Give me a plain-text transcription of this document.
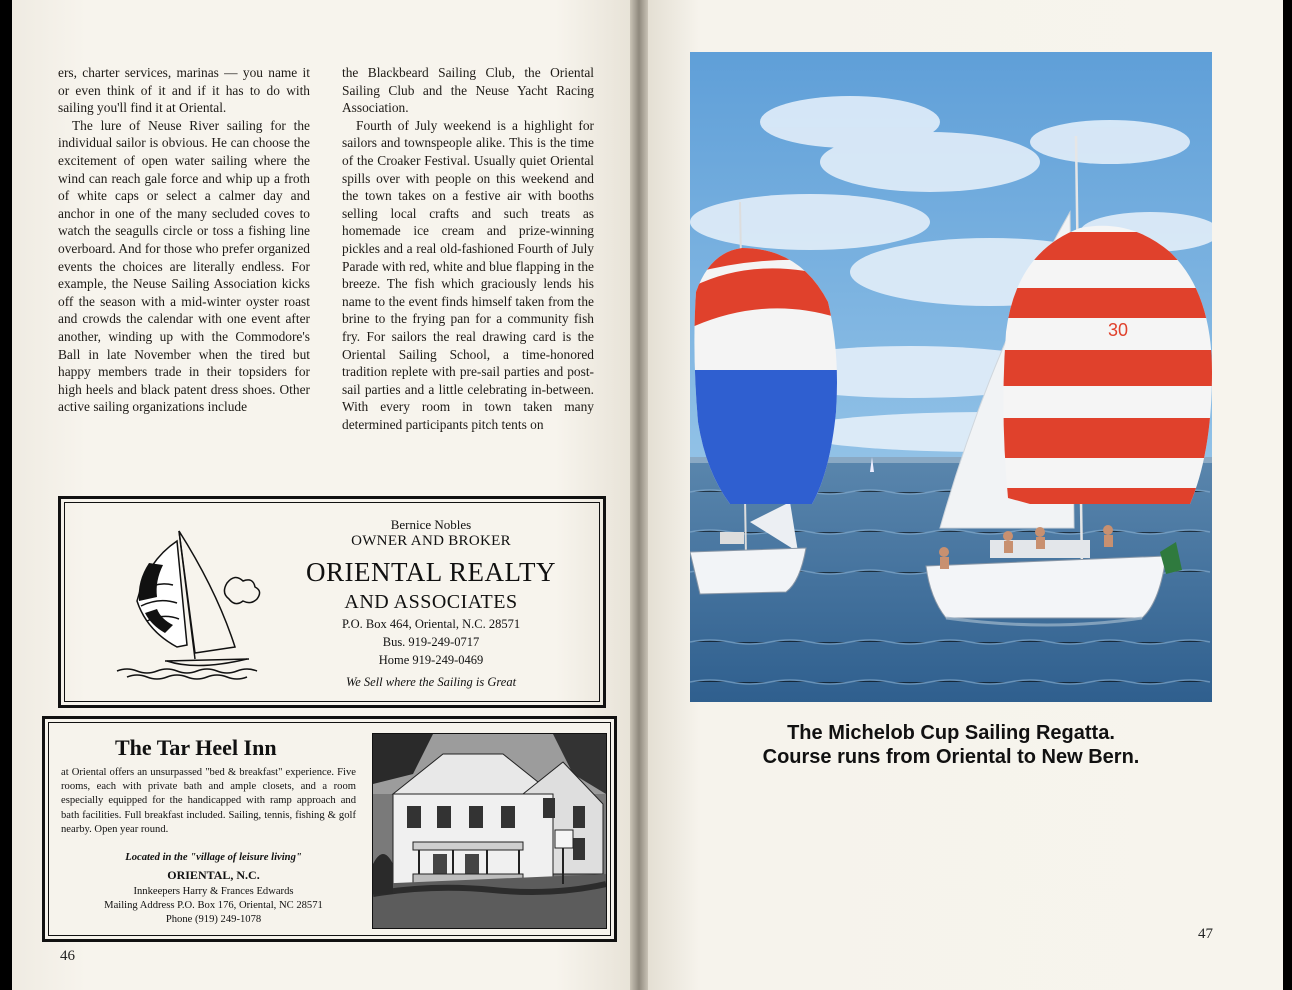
ers, charter services, marinas — you name it or even think of it and if it has to do with sailing you'll find it at Oriental.

The lure of Neuse River sailing for the individual sailor is obvious. He can choose the excitement of open water sailing where the wind can reach gale force and whip up a froth of white caps or select a calmer day and anchor in one of the many secluded coves to watch the seagulls circle or toss a fishing line overboard. And for those who prefer organized events the choices are literally endless. For example, the Neuse Sailing Association kicks off the season with a mid-winter oyster roast and crowds the calendar with one event after another, winding up with the Commodore's Ball in late November when the tired but happy members trade in their topsiders for high heels and black patent dress shoes. Other active sailing organizations include

the Blackbeard Sailing Club, the Oriental Sailing Club and the Neuse Yacht Racing Association.

Fourth of July weekend is a highlight for sailors and townspeople alike. This is the time of the Croaker Festival. Usually quiet Oriental spills over with people on this weekend and the town takes on a festive air with booths selling local crafts and such treats as homemade ice cream and prize-winning pickles and a real old-fashioned Fourth of July Parade with red, white and blue flapping in the breeze. The fish which graciously lends his name to the event finds himself taken from the brine to the frying pan for a community fish fry. For sailors the real drawing card is the Oriental Sailing School, a time-honored tradition replete with pre-sail parties and post-sail parties and a little celebrating in-between. With every room in town taken many determined participants pitch tents on

Bernice Nobles
OWNER AND BROKER
ORIENTAL REALTY
AND ASSOCIATES
P.O. Box 464, Oriental, N.C. 28571
Bus. 919-249-0717
Home 919-249-0469
We Sell where the Sailing is Great
The Tar Heel Inn
at Oriental offers an unsurpassed "bed & breakfast" experience. Five rooms, each with private bath and ample closets, and a room especially equipped for the handicapped with ramp approach and bath facilities. Full breakfast included. Sailing, tennis, fishing & golf nearby. Open year round.
Located in the "village of leisure living"
ORIENTAL, N.C.
Innkeepers Harry & Frances Edwards
Mailing Address P.O. Box 176, Oriental, NC 28571
Phone (919) 249-1078
46
30
The Michelob Cup Sailing Regatta.
Course runs from Oriental to New Bern.
47
